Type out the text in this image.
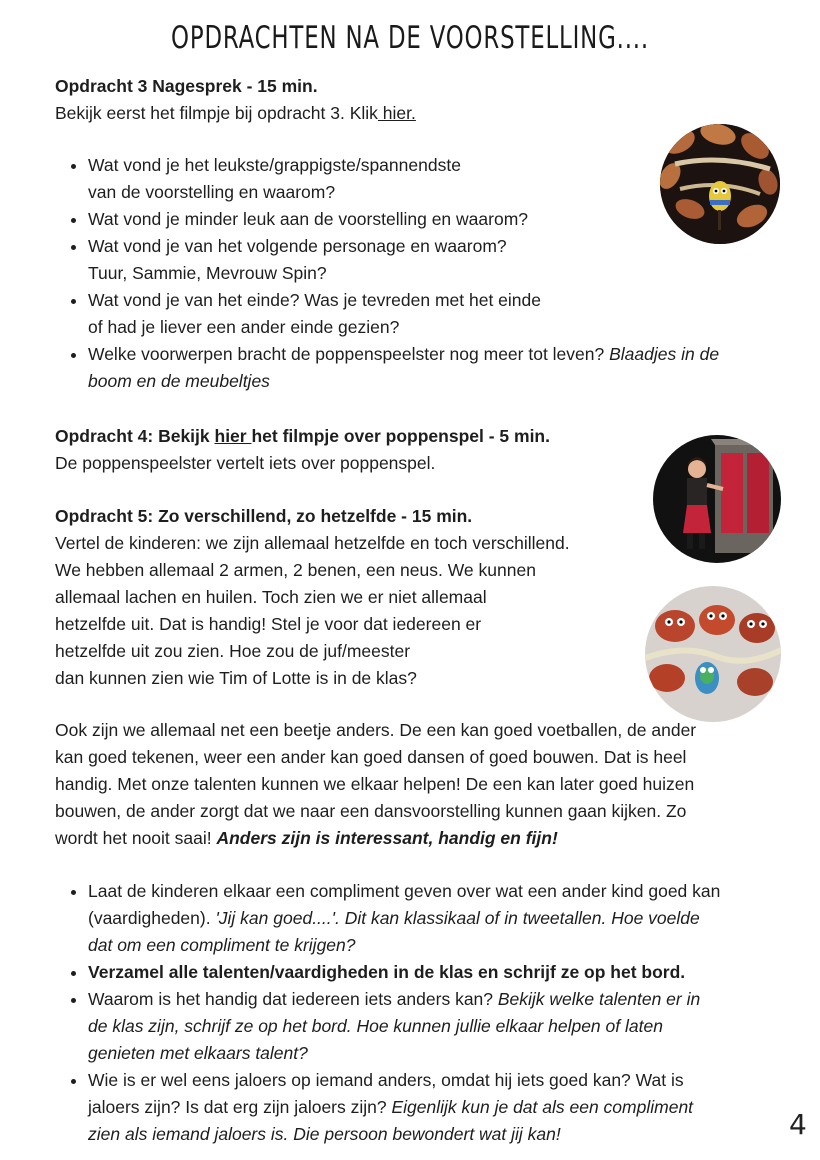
OPDRACHTEN NA DE VOORSTELLING....
Opdracht 3 Nagesprek - 15 min.
Bekijk eerst het filmpje bij opdracht 3. Klik hier.
• Wat vond je het leukste/grappigste/spannendste
van de voorstelling en waarom?
• Wat vond je minder leuk aan de voorstelling en waarom?
• Wat vond je van het volgende personage en waarom?
Tuur, Sammie, Mevrouw Spin?
• Wat vond je van het einde? Was je tevreden met het einde
of had je liever een ander einde gezien?
• Welke voorwerpen bracht de poppenspeelster nog meer tot leven? Blaadjes in de
boom en de meubeltjes
Opdracht 4: Bekijk hier het filmpje over poppenspel - 5 min.
De poppenspeelster vertelt iets over poppenspel.
Opdracht 5: Zo verschillend, zo hetzelfde - 15 min.
Vertel de kinderen: we zijn allemaal hetzelfde en toch verschillend.
We hebben allemaal 2 armen, 2 benen, een neus. We kunnen
allemaal lachen en huilen. Toch zien we er niet allemaal
hetzelfde uit. Dat is handig! Stel je voor dat iedereen er
hetzelfde uit zou zien. Hoe zou de juf/meester
dan kunnen zien wie Tim of Lotte is in de klas?
Ook zijn we allemaal net een beetje anders. De een kan goed voetballen, de ander
kan goed tekenen, weer een ander kan goed dansen of goed bouwen. Dat is heel
handig. Met onze talenten kunnen we elkaar helpen! De een kan later goed huizen
bouwen, de ander zorgt dat we naar een dansvoorstelling kunnen gaan kijken. Zo
wordt het nooit saai! Anders zijn is interessant, handig en fijn!
• Laat de kinderen elkaar een compliment geven over wat een ander kind goed kan
(vaardigheden). 'Jij kan goed....'. Dit kan klassikaal of in tweetallen. Hoe voelde
dat om een compliment te krijgen?
• Verzamel alle talenten/vaardigheden in de klas en schrijf ze op het bord.
• Waarom is het handig dat iedereen iets anders kan? Bekijk welke talenten er in
de klas zijn, schrijf ze op het bord. Hoe kunnen jullie elkaar helpen of laten
genieten met elkaars talent?
• Wie is er wel eens jaloers op iemand anders, omdat hij iets goed kan? Wat is
jaloers zijn? Is dat erg zijn jaloers zijn? Eigenlijk kun je dat als een compliment
zien als iemand jaloers is. Die persoon bewondert wat jij kan!	4
